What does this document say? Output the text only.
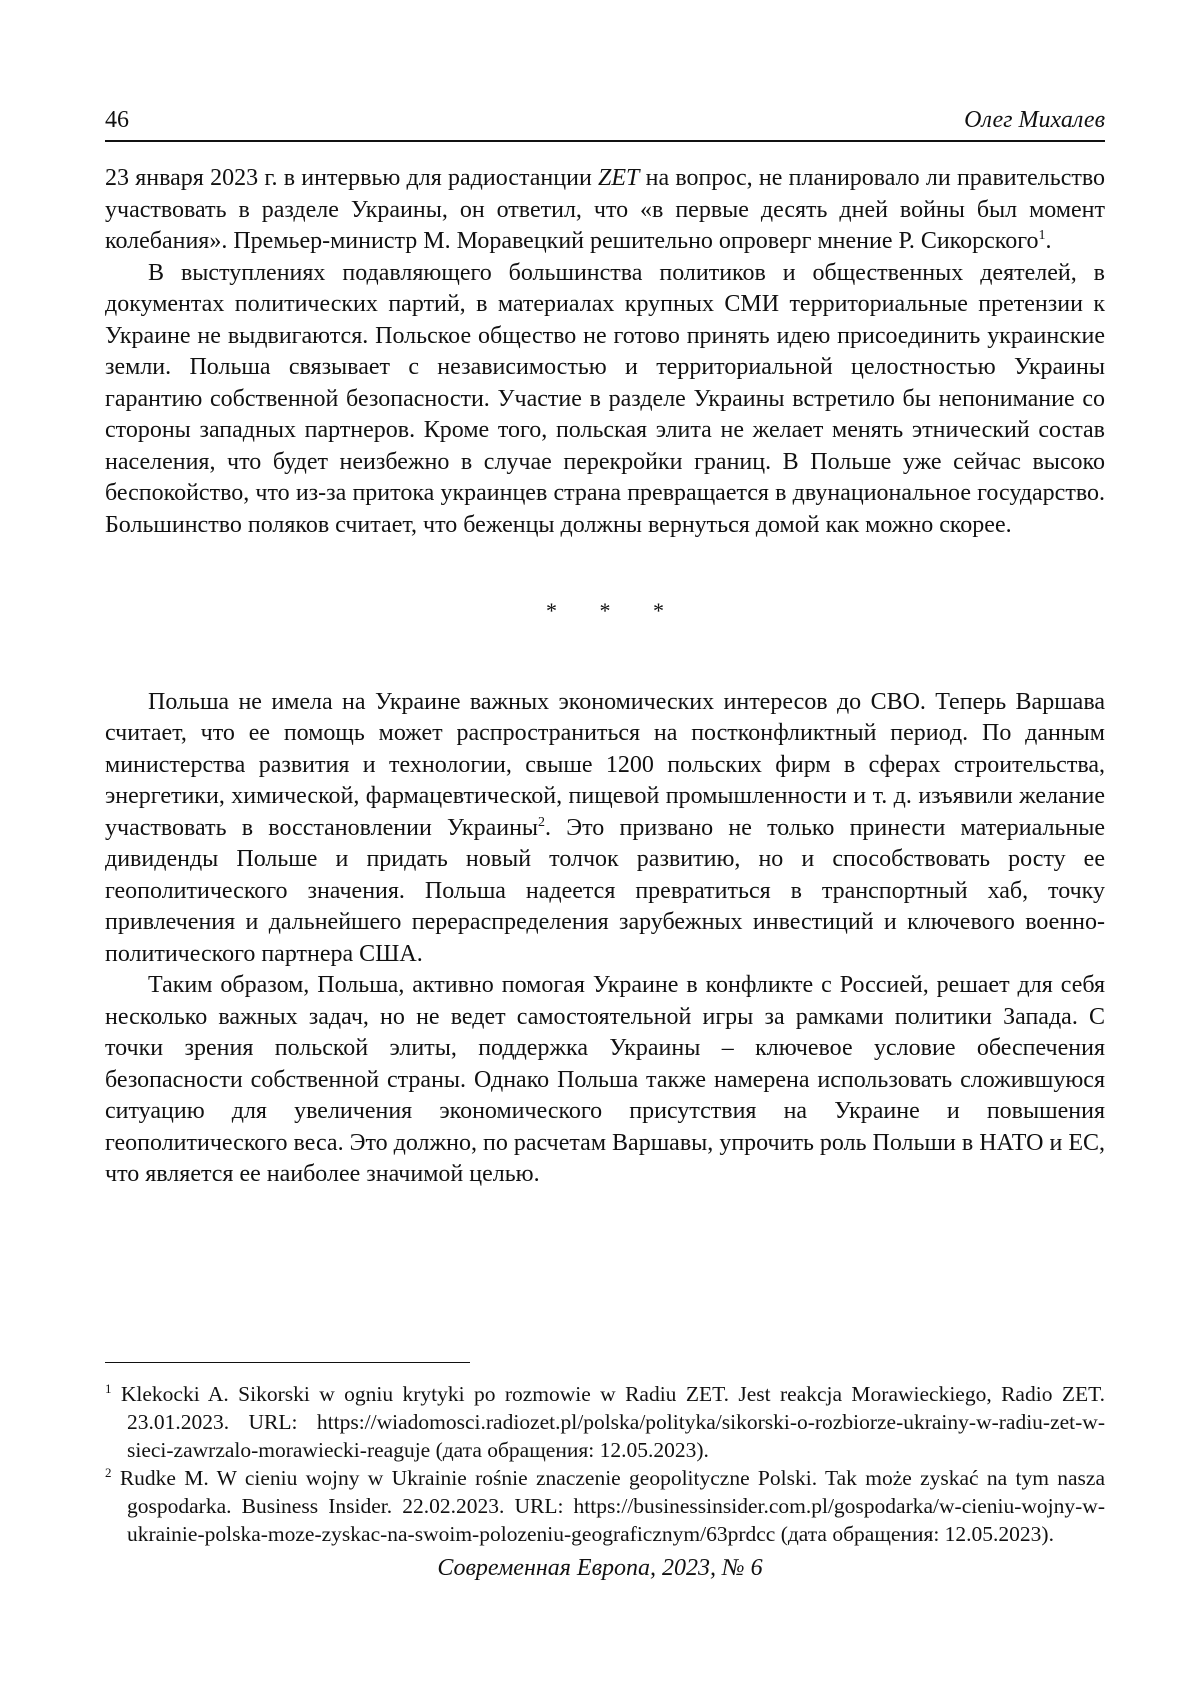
46	Олег Михалев

23 января 2023 г. в интервью для радиостанции ZET на вопрос, не планировало ли правительство участвовать в разделе Украины, он ответил, что «в первые десять дней войны был момент колебания». Премьер-министр М. Моравецкий решительно опроверг мнение Р. Сикорского$^1$.

В выступлениях подавляющего большинства политиков и общественных деятелей, в документах политических партий, в материалах крупных СМИ территориальные претензии к Украине не выдвигаются. Польское общество не готово принять идею присоединить украинские земли. Польша связывает с независимостью и территориальной целостностью Украины гарантию собственной безопасности. Участие в разделе Украины встретило бы непонимание со стороны западных партнеров. Кроме того, польская элита не желает менять этнический состав населения, что будет неизбежно в случае перекройки границ. В Польше уже сейчас высоко беспокойство, что из-за притока украинцев страна превращается в двунациональное государство. Большинство поляков считает, что беженцы должны вернуться домой как можно скорее.

* * *

Польша не имела на Украине важных экономических интересов до СВО. Теперь Варшава считает, что ее помощь может распространиться на постконфликтный период. По данным министерства развития и технологии, свыше 1200 польских фирм в сферах строительства, энергетики, химической, фармацевтической, пищевой промышленности и т. д. изъявили желание участвовать в восстановлении Украины$^2$. Это призвано не только принести материальные дивиденды Польше и придать новый толчок развитию, но и способствовать росту ее геополитического значения. Польша надеется превратиться в транспортный хаб, точку привлечения и дальнейшего перераспределения зарубежных инвестиций и ключевого военно-политического партнера США.

Таким образом, Польша, активно помогая Украине в конфликте с Россией, решает для себя несколько важных задач, но не ведет самостоятельной игры за рамками политики Запада. С точки зрения польской элиты, поддержка Украины – ключевое условие обеспечения безопасности собственной страны. Однако Польша также намерена использовать сложившуюся ситуацию для увеличения экономического присутствия на Украине и повышения геополитического веса. Это должно, по расчетам Варшавы, упрочить роль Польши в НАТО и ЕС, что является ее наиболее значимой целью.

$^1$ Klekocki A. Sikorski w ogniu krytyki po rozmowie w Radiu ZET. Jest reakcja Morawieckiego, Radio ZET. 23.01.2023. URL: https://wiadomosci.radiozet.pl/polska/polityka/sikorski-o-rozbiorze-ukrainy-w-radiu-zet-w-sieci-zawrzalo-morawiecki-reaguje (дата обращения: 12.05.2023).

$^2$ Rudke M. W cieniu wojny w Ukrainie rośnie znaczenie geopolityczne Polski. Tak może zyskać na tym nasza gospodarka. Business Insider. 22.02.2023. URL: https://businessinsider.com.pl/gospodarka/w-cieniu-wojny-w-ukrainie-polska-moze-zyskac-na-swoim-polozeniu-geograficznym/63prdcc (дата обращения: 12.05.2023).

Современная Европа, 2023, № 6
